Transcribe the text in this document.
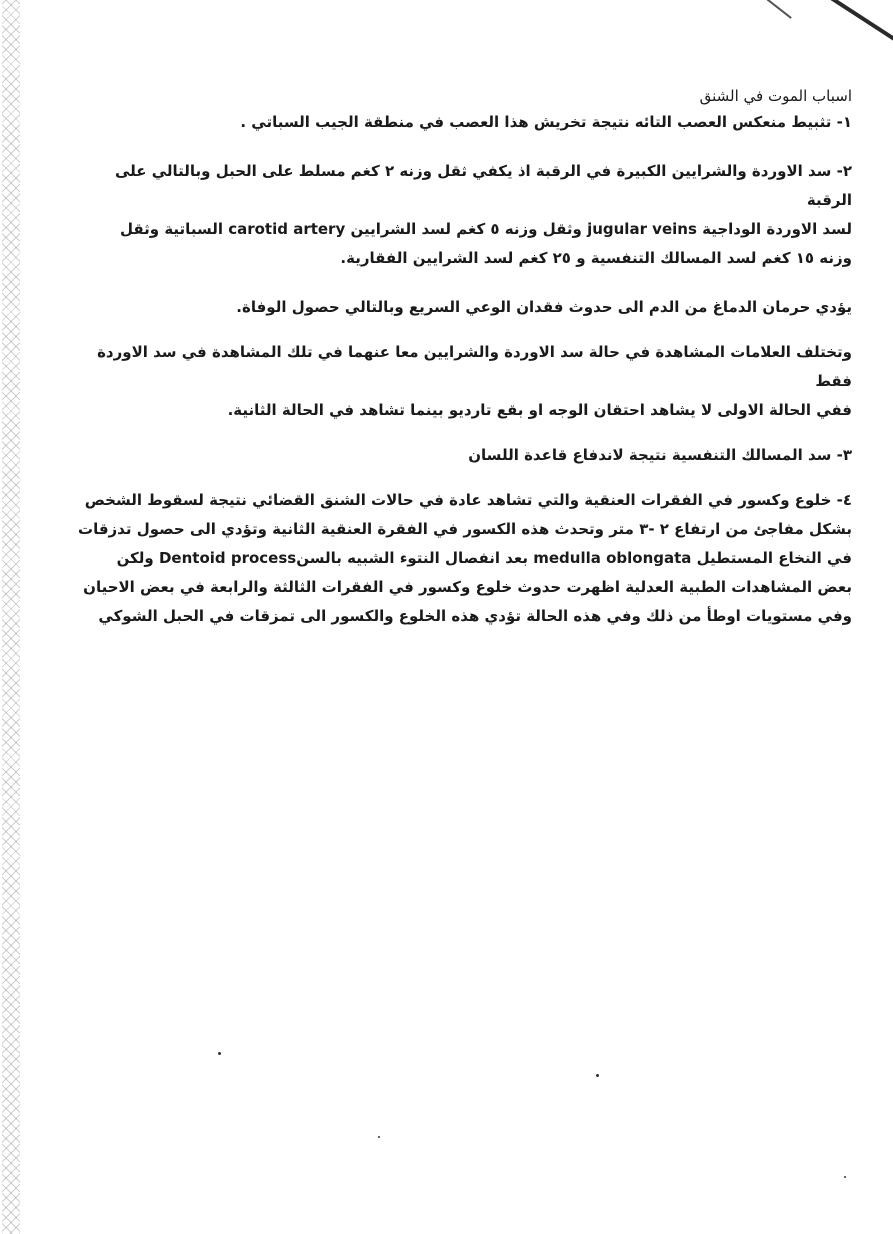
اسباب الموت في الشنق

١- تثبيط منعكس العصب التائه نتيجة تخريش هذا العصب في منطقة الجيب السباتي .

٢- سد الاوردة والشرايين الكبيرة في الرقبة اذ يكفي ثقل وزنه ٢ كغم مسلط على الحبل وبالتالي على الرقبة
لسد الاوردة الوداجية jugular veins وثقل وزنه ٥ كغم لسد الشرايين carotid artery السباتية وثقل
وزنه ١٥ كغم لسد المسالك التنفسية و ٢٥ كغم لسد الشرايين الفقارية.

يؤدي حرمان الدماغ من الدم الى حدوث فقدان الوعي السريع وبالتالي حصول الوفاة.

وتختلف العلامات المشاهدة في حالة سد الاوردة والشرايين معا عنهما في تلك المشاهدة في سد الاوردة فقط
ففي الحالة الاولى لا يشاهد احتقان الوجه او بقع تارديو بينما تشاهد في الحالة الثانية.

٣- سد المسالك التنفسية نتيجة لاندفاع قاعدة اللسان

٤- خلوع وكسور في الفقرات العنقية والتي تشاهد عادة في حالات الشنق القضائي نتيجة لسقوط الشخص
بشكل مفاجئ من ارتفاع ٢ -٣ متر وتحدث هذه الكسور في الفقرة العنقية الثانية وتؤدي الى حصول تدزقات
في النخاع المستطيل medulla oblongata بعد انفصال النتوء الشبيه بالسنDentoid process ولكن
بعض المشاهدات الطبية العدلية اظهرت حدوث خلوع وكسور في الفقرات الثالثة والرابعة في بعض الاحيان
وفي مستويات اوطأ من ذلك وفي هذه الحالة تؤدي هذه الخلوع والكسور الى تمزقات في الحبل الشوكي
